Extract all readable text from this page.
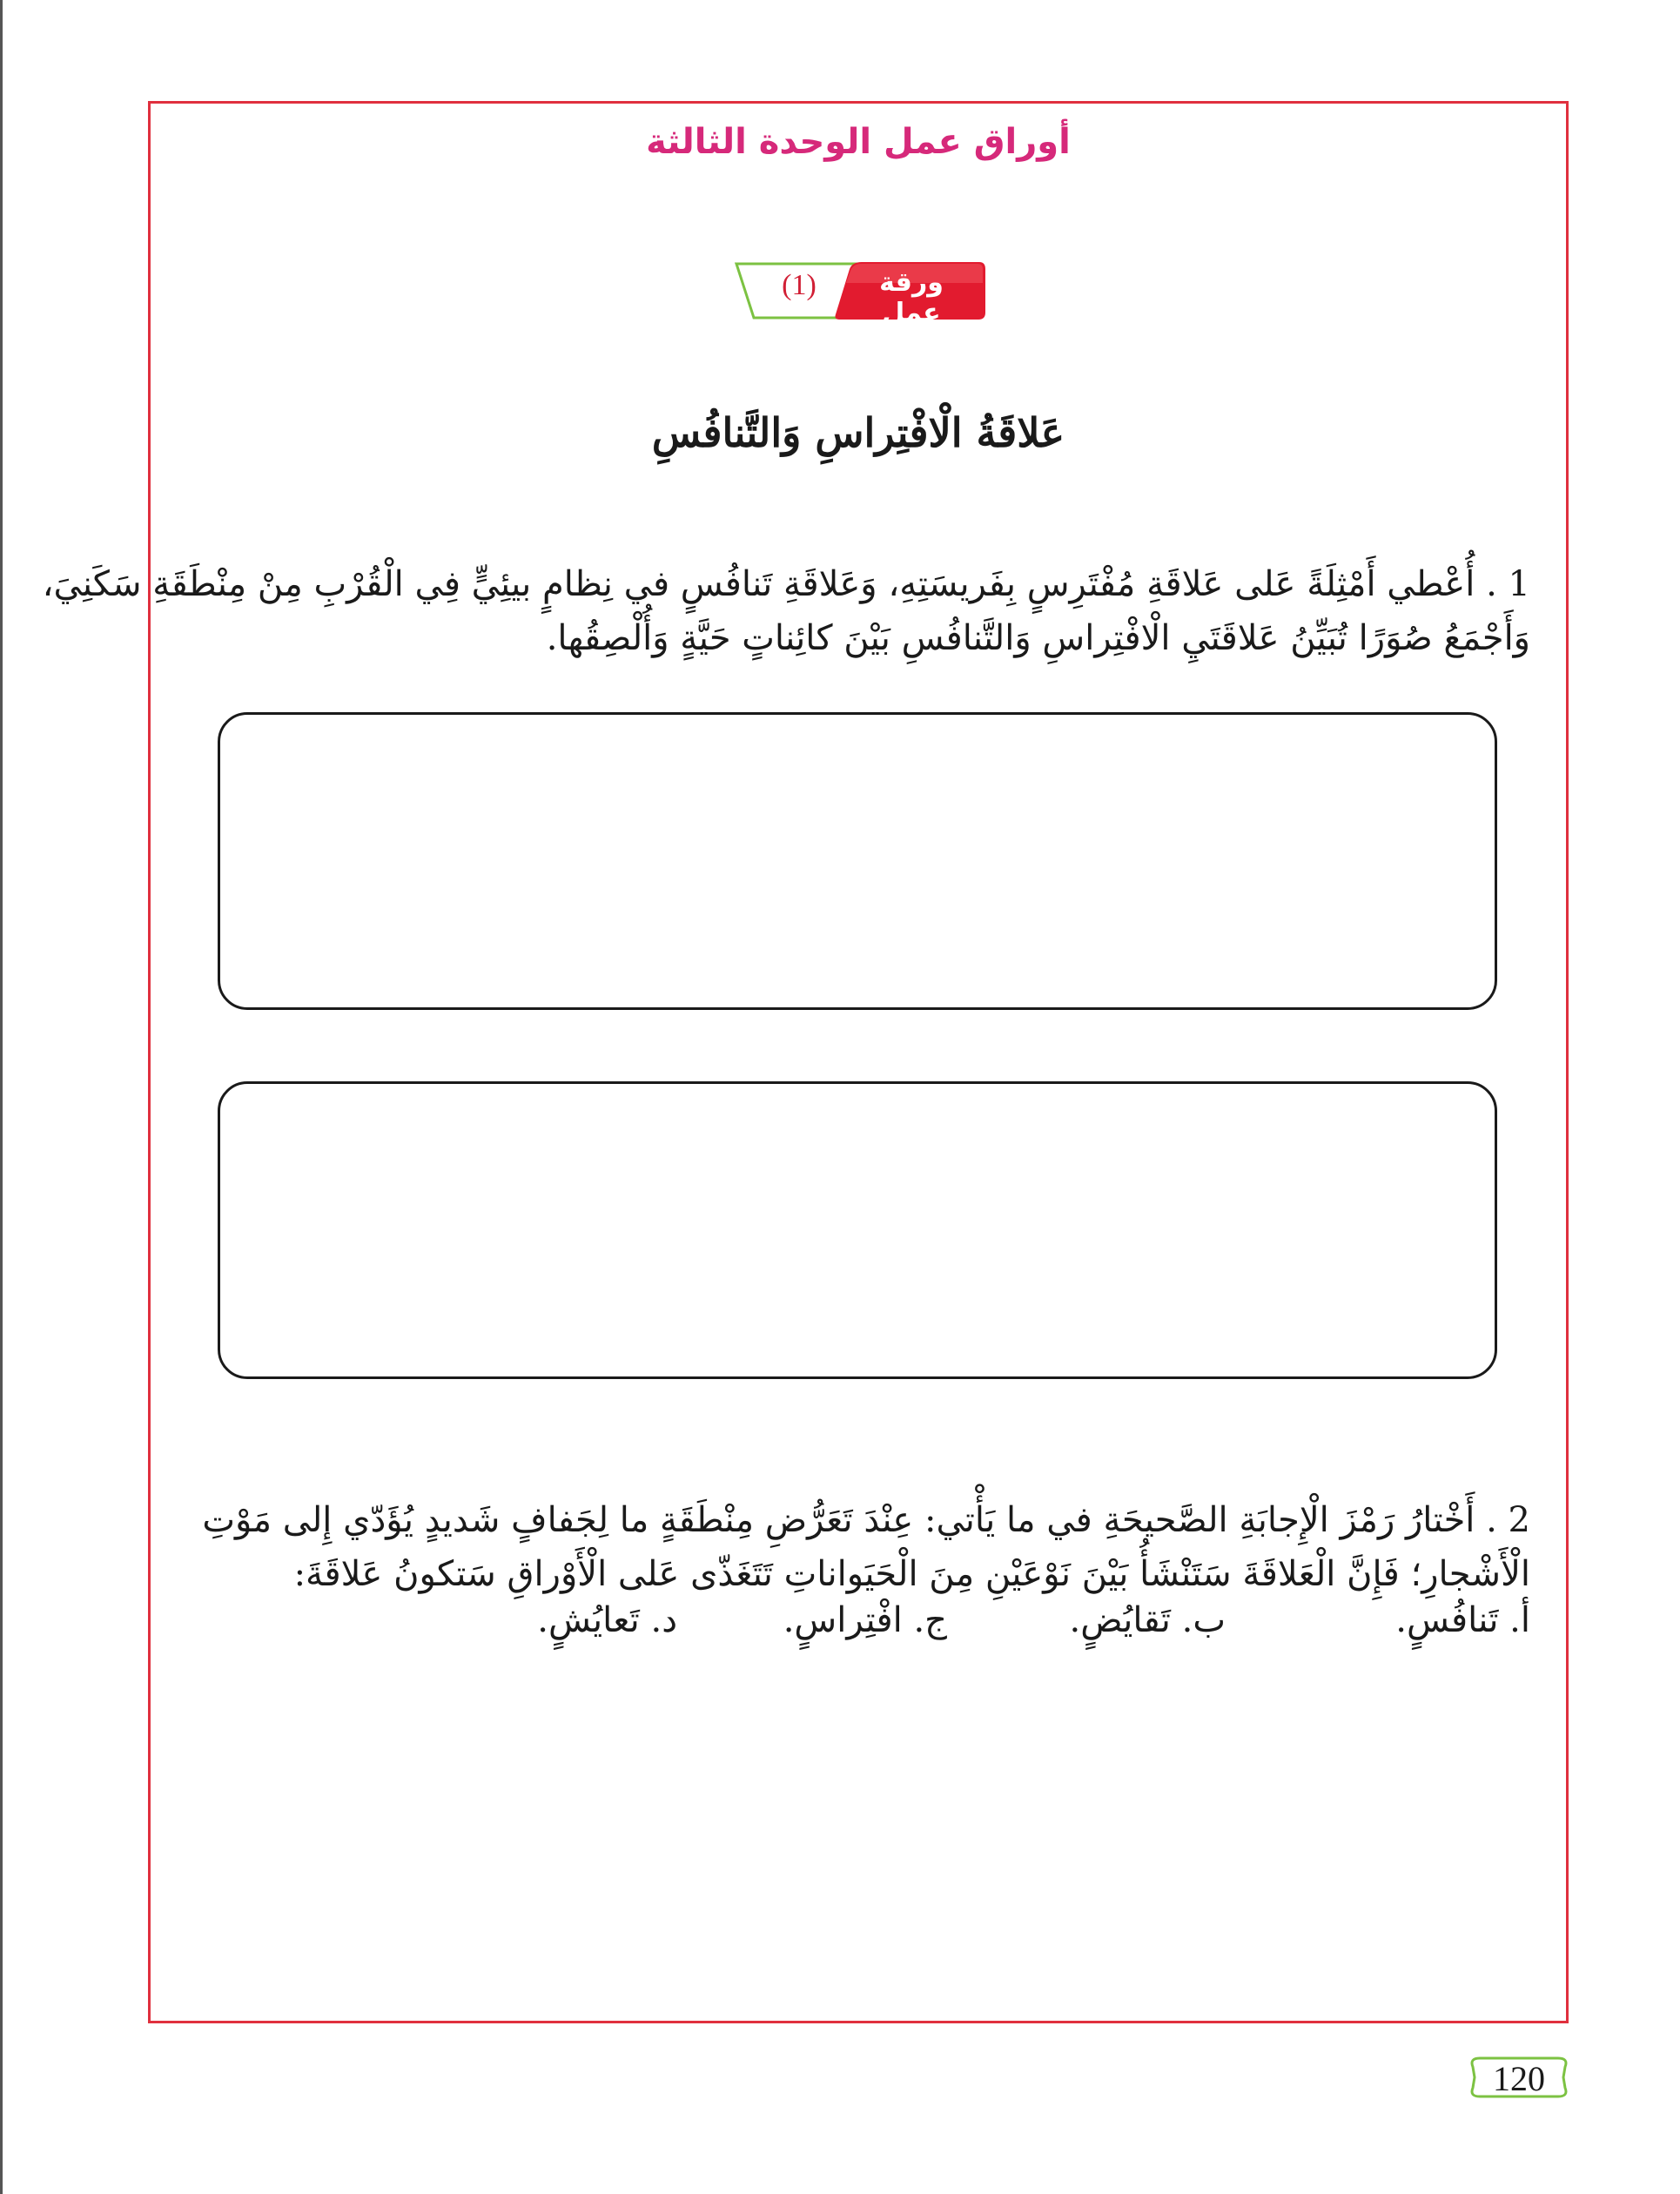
أوراق عمل الوحدة الثالثة
ورقة عمل
(1)
عَلاقَةُ الْافْتِراسِ وَالتَّنافُسِ
1 . أُعْطي أَمْثِلَةً عَلى عَلاقَةِ مُفْتَرِسٍ بِفَريسَتِهِ، وَعَلاقَةِ تَنافُسٍ في نِظامٍ بيئِيٍّ فِي الْقُرْبِ مِنْ مِنْطَقَةِ سَكَنِيَ،
وَأَجْمَعُ صُوَرًا تُبَيِّنُ عَلاقَتَيِ الْافْتِراسِ وَالتَّنافُسِ بَيْنَ كائِناتٍ حَيَّةٍ وَأُلْصِقُها.
2 . أَخْتارُ رَمْزَ الْإِجابَةِ الصَّحيحَةِ في ما يَأْتي: عِنْدَ تَعَرُّضِ مِنْطَقَةٍ ما لِجَفافٍ شَديدٍ يُؤَدّي إِلى مَوْتِ
الْأَشْجارِ؛ فَإِنَّ الْعَلاقَةَ سَتَنْشَأُ بَيْنَ نَوْعَيْنِ مِنَ الْحَيَواناتِ تَتَغَذّى عَلى الْأَوْراقِ سَتكونُ عَلاقَةَ:
أ. تَنافُسٍ.
ب. تَقايُضٍ.
ج. افْتِراسٍ.
د. تَعايُشٍ.
120
